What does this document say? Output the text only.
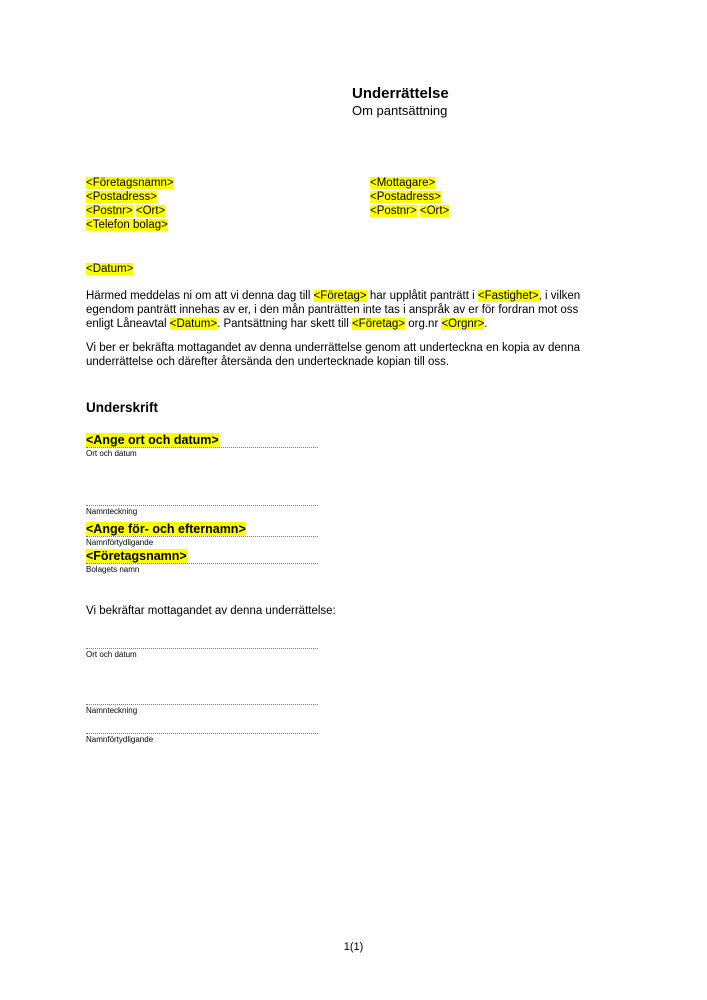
Underrättelse
Om pantsättning
<Företagsnamn>
<Postadress>
<Postnr> <Ort>
<Telefon bolag>
<Mottagare>
<Postadress>
<Postnr> <Ort>
<Datum>
Härmed meddelas ni om att vi denna dag till <Företag> har upplåtit panträtt i <Fastighet>, i vilken
egendom panträtt innehas av er, i den mån panträtten inte tas i anspråk av er för fordran mot oss
enligt Låneavtal <Datum>. Pantsättning har skett till <Företag> org.nr <Orgnr>.
Vi ber er bekräfta mottagandet av denna underrättelse genom att underteckna en kopia av denna
underrättelse och därefter återsända den undertecknade kopian till oss.
Underskrift
<Ange ort och datum>
Ort och datum
Namnteckning
<Ange för- och efternamn>
Namnförtydligande
<Företagsnamn>
Bolagets namn
Vi bekräftar mottagandet av denna underrättelse:
Ort och datum
Namnteckning
Namnförtydligande
1(1)
